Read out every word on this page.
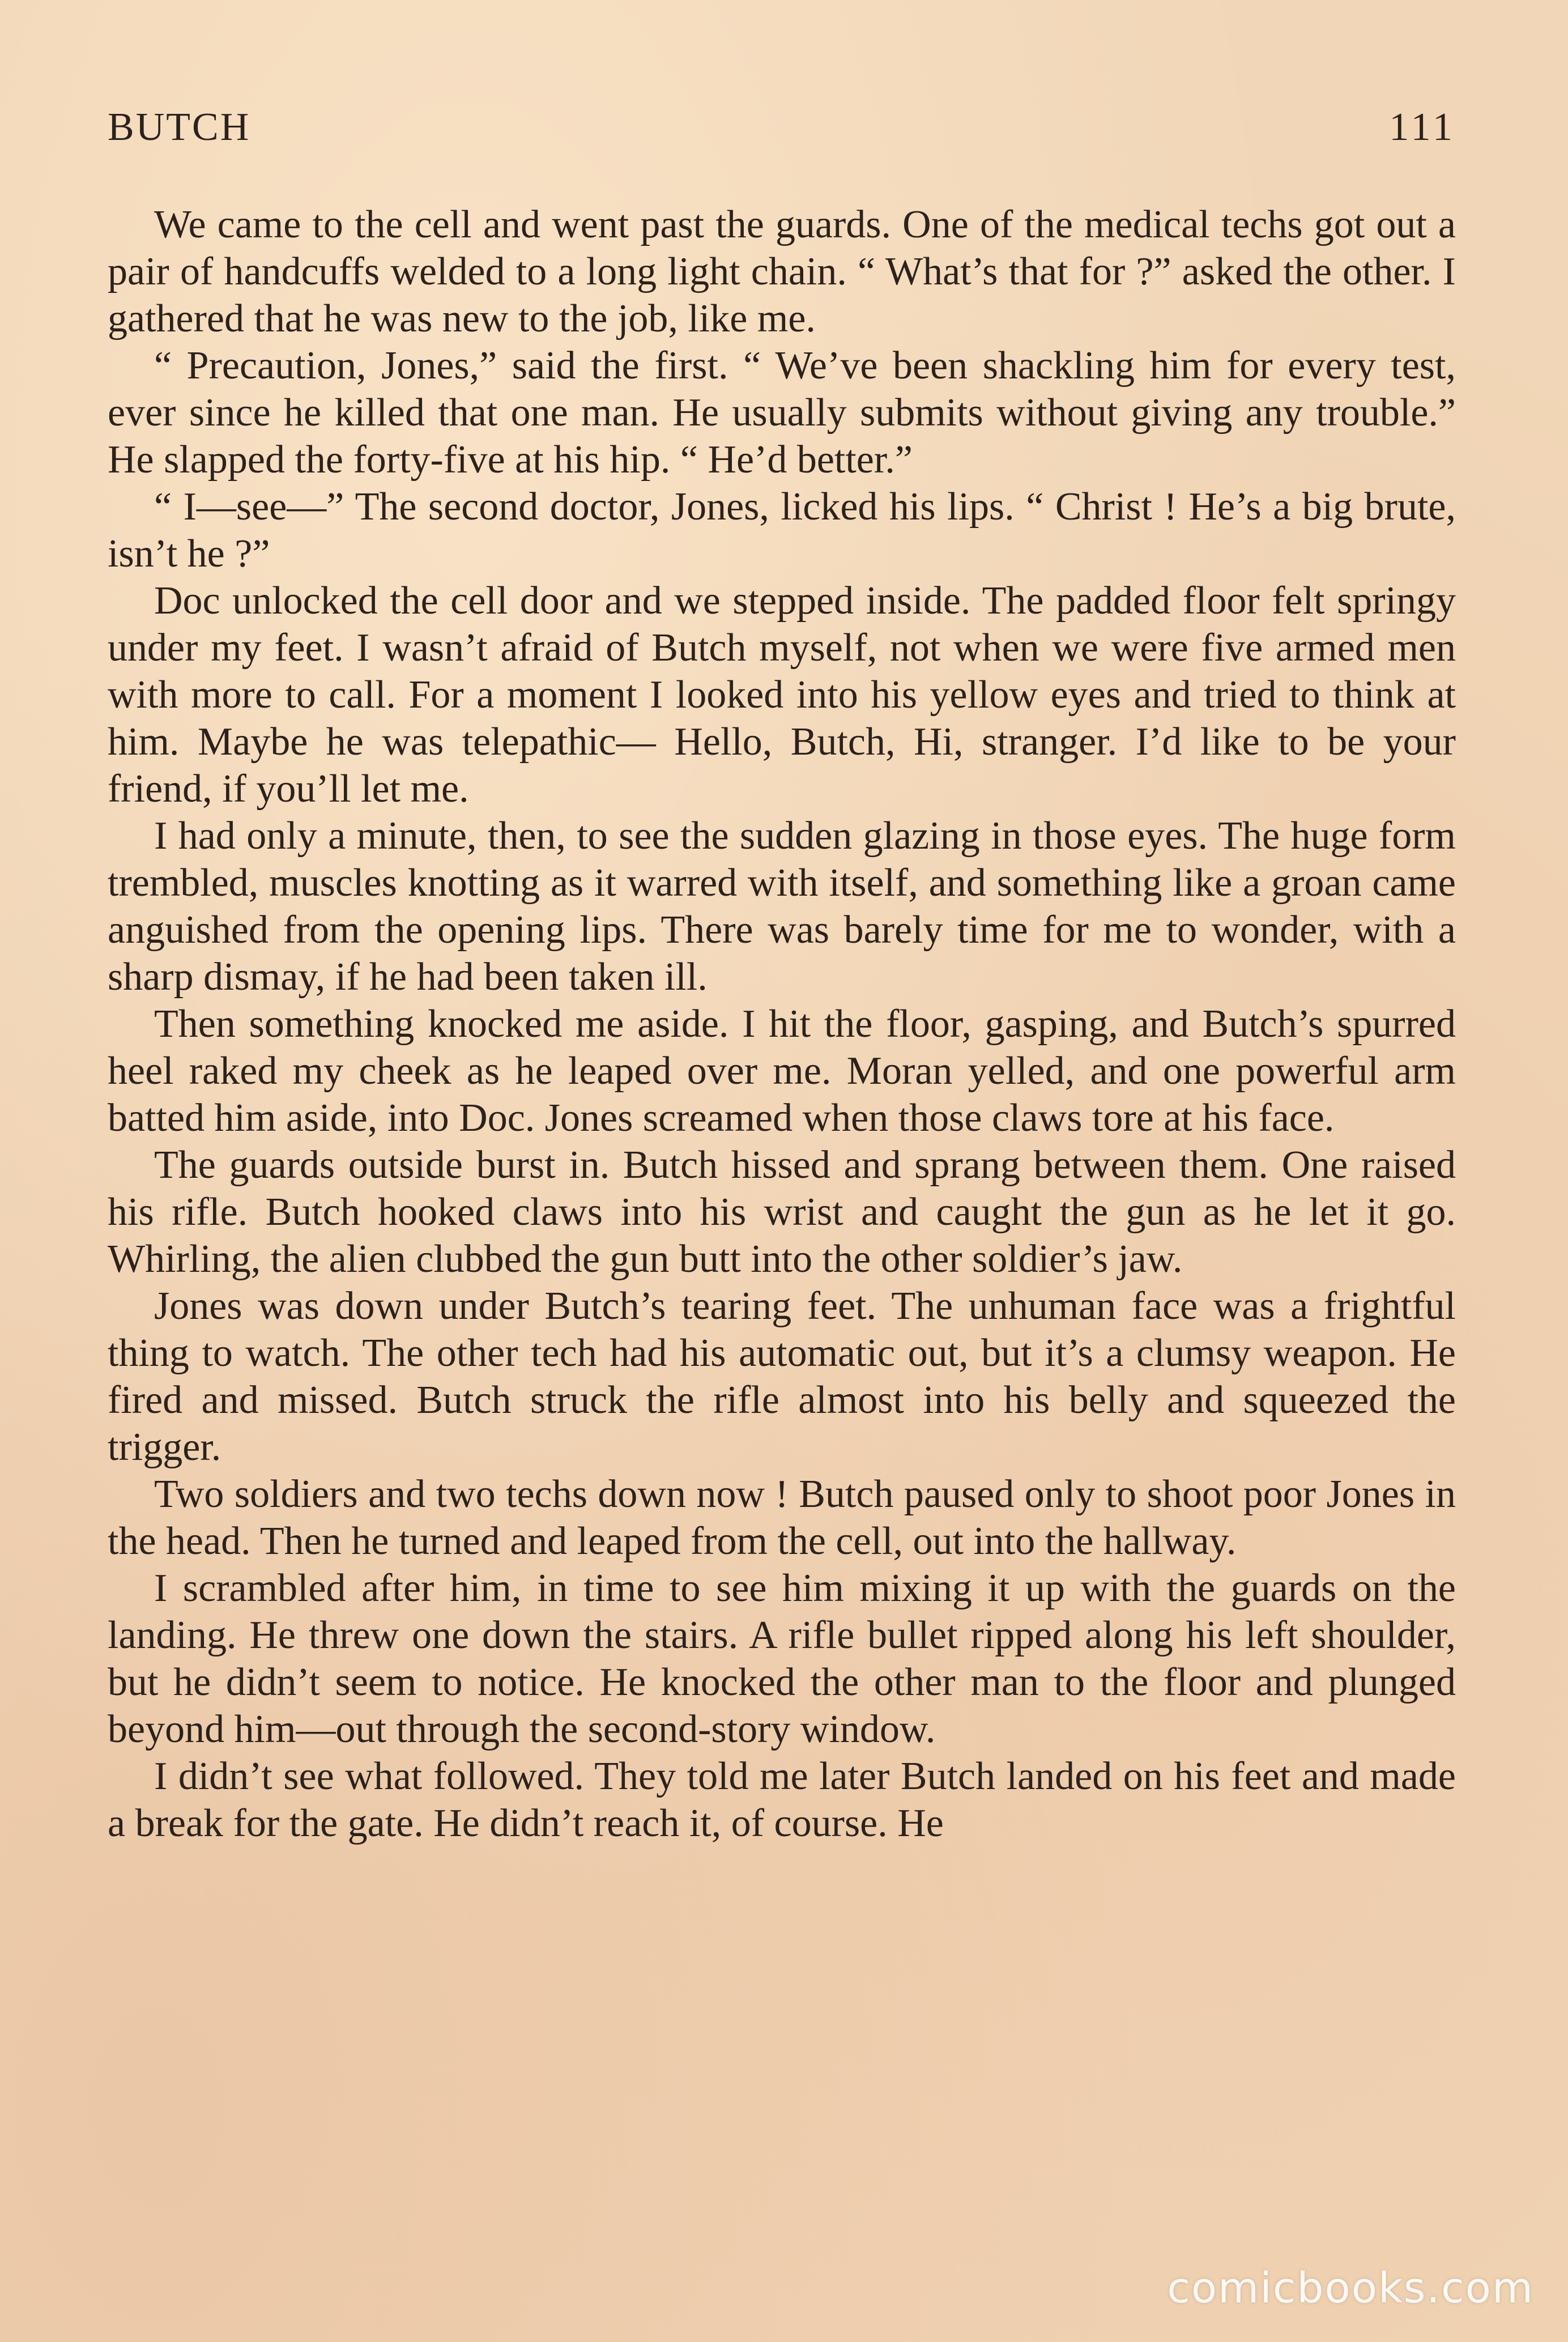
BUTCH	111

We came to the cell and went past the guards. One of the medical techs got out a pair of handcuffs welded to a long light chain. “ What’s that for ?” asked the other. I gathered that he was new to the job, like me.

“ Precaution, Jones,” said the first. “ We’ve been shackling him for every test, ever since he killed that one man. He usually submits without giving any trouble.” He slapped the forty-five at his hip. “ He’d better.”

“ I—see—” The second doctor, Jones, licked his lips. “ Christ ! He’s a big brute, isn’t he ?”

Doc unlocked the cell door and we stepped inside. The padded floor felt springy under my feet. I wasn’t afraid of Butch myself, not when we were five armed men with more to call. For a moment I looked into his yellow eyes and tried to think at him. Maybe he was telepathic— Hello, Butch, Hi, stranger. I’d like to be your friend, if you’ll let me.

I had only a minute, then, to see the sudden glazing in those eyes. The huge form trembled, muscles knotting as it warred with itself, and something like a groan came anguished from the opening lips. There was barely time for me to wonder, with a sharp dismay, if he had been taken ill.

Then something knocked me aside. I hit the floor, gasping, and Butch’s spurred heel raked my cheek as he leaped over me. Moran yelled, and one powerful arm batted him aside, into Doc. Jones screamed when those claws tore at his face.

The guards outside burst in. Butch hissed and sprang between them. One raised his rifle. Butch hooked claws into his wrist and caught the gun as he let it go. Whirling, the alien clubbed the gun butt into the other soldier’s jaw.

Jones was down under Butch’s tearing feet. The unhuman face was a frightful thing to watch. The other tech had his automatic out, but it’s a clumsy weapon. He fired and missed. Butch struck the rifle almost into his belly and squeezed the trigger.

Two soldiers and two techs down now ! Butch paused only to shoot poor Jones in the head. Then he turned and leaped from the cell, out into the hallway.

I scrambled after him, in time to see him mixing it up with the guards on the landing. He threw one down the stairs. A rifle bullet ripped along his left shoulder, but he didn’t seem to notice. He knocked the other man to the floor and plunged beyond him—out through the second-story window.

I didn’t see what followed. They told me later Butch landed on his feet and made a break for the gate. He didn’t reach it, of course. He

comicbooks.com
